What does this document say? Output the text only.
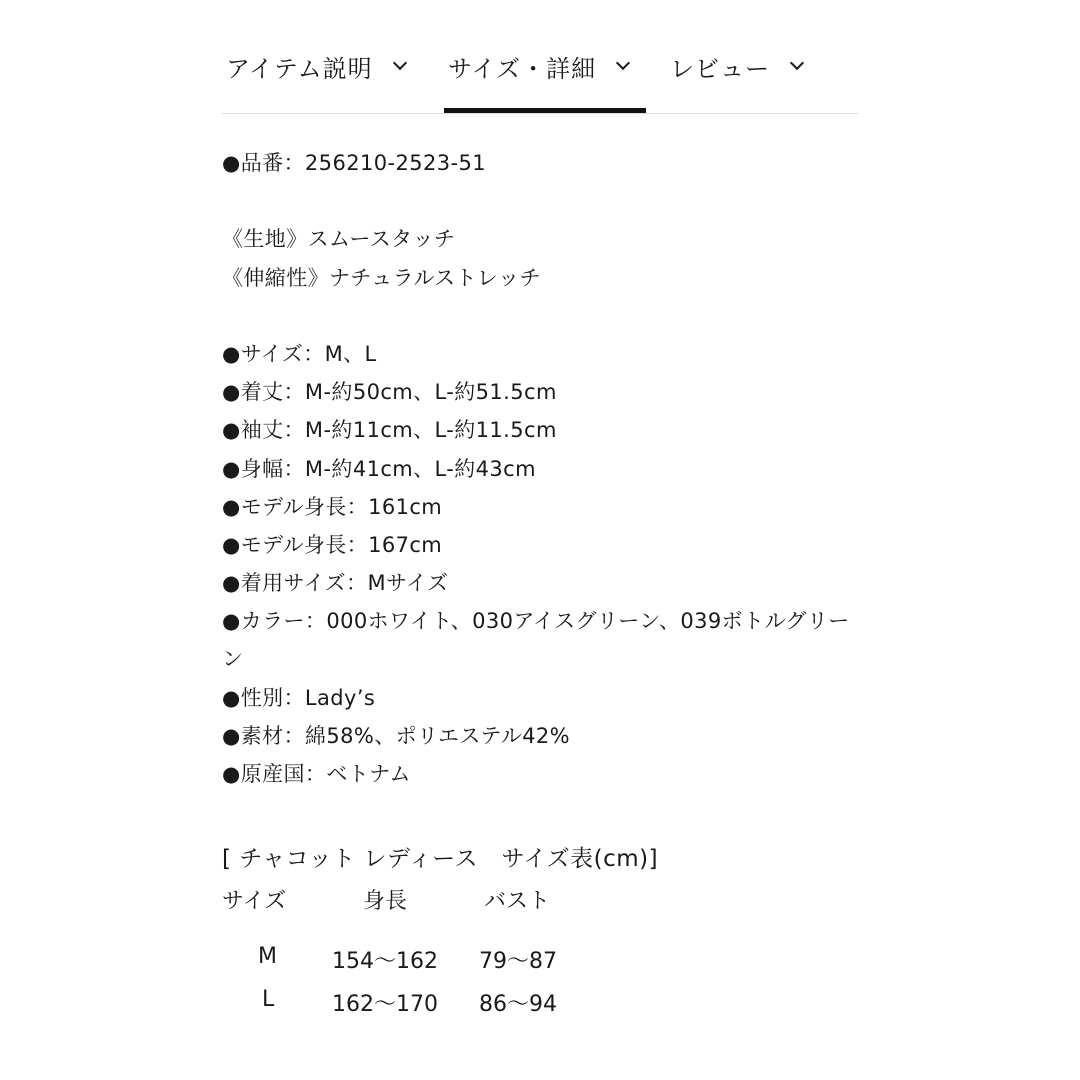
アイテム説明	サイズ・詳細	レビュー
●品番：256210-2523-51
《生地》スムースタッチ
《伸縮性》ナチュラルストレッチ
●サイズ：M、L
●着丈：M-約50cm、L-約51.5cm
●袖丈：M-約11cm、L-約11.5cm
●身幅：M-約41cm、L-約43cm
●モデル身長：161cm
●モデル身長：167cm
●着用サイズ：Mサイズ
●カラー：000ホワイト、030アイスグリーン、039ボトルグリーン
●性別：Lady’s
●素材：綿58%、ポリエステル42%
●原産国：ベトナム
[ チャコット レディース　サイズ表(cm)]
サイズ	身長	バスト
M	154〜162 79〜87
L	162〜170 86〜94
